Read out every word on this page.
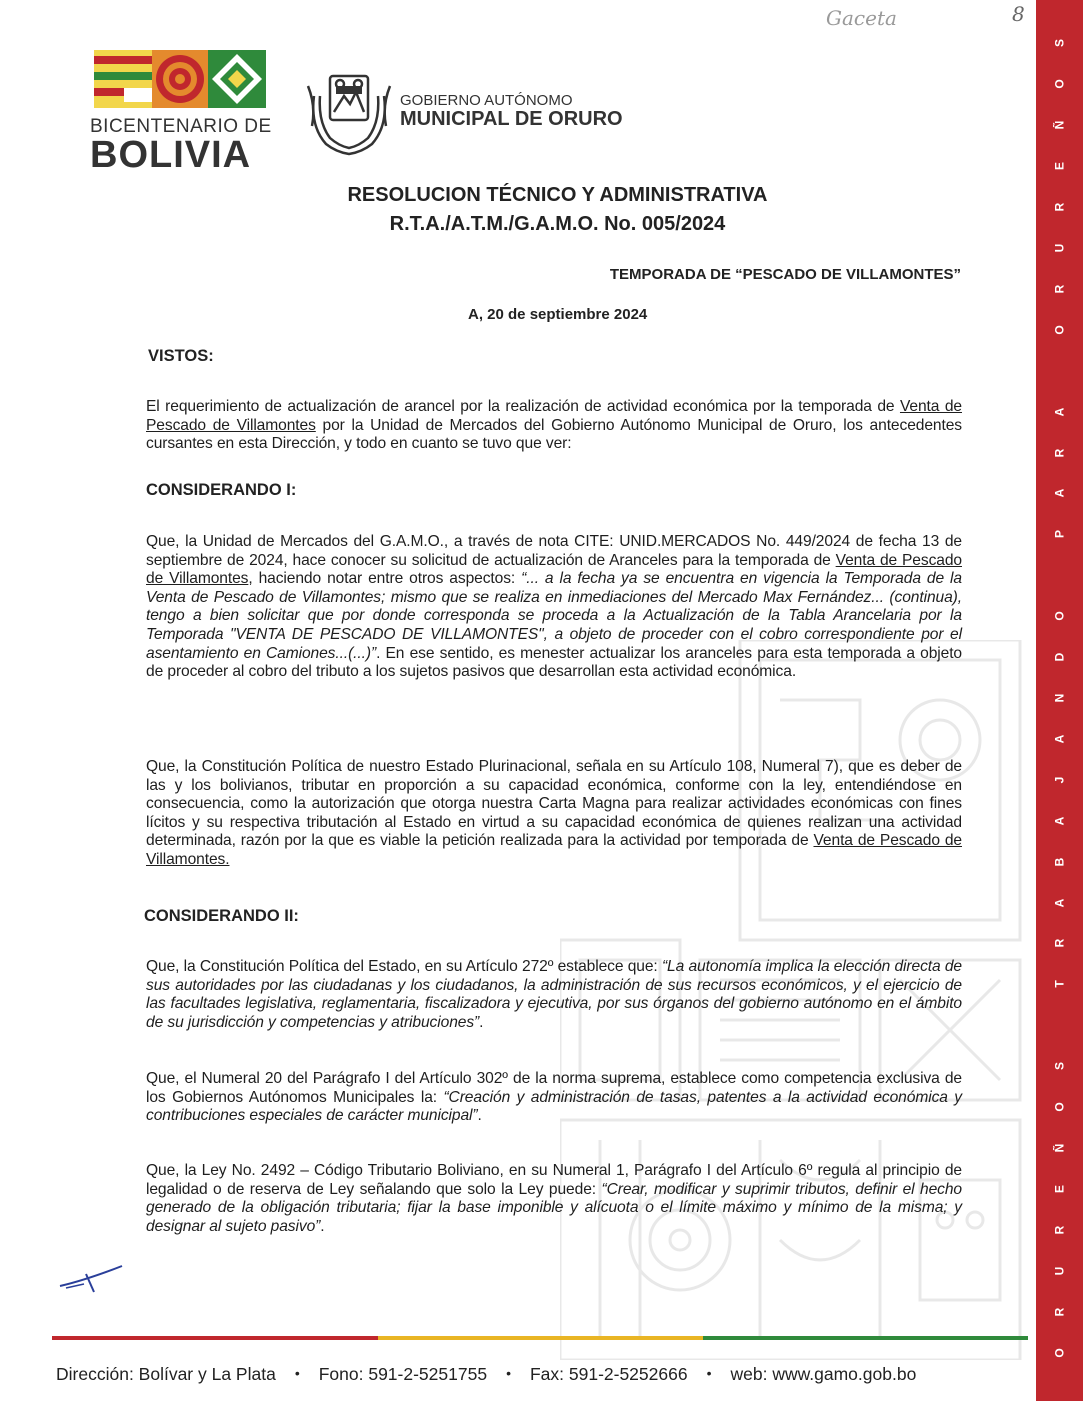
Gaceta	8
BICENTENARIO DE
BOLIVIA
GOBIERNO AUTÓNOMO
MUNICIPAL DE ORURO
RESOLUCION TÉCNICO Y ADMINISTRATIVA
R.T.A./A.T.M./G.A.M.O. No. 005/2024
TEMPORADA DE “PESCADO DE VILLAMONTES”
A, 20 de septiembre 2024
VISTOS:
El requerimiento de actualización de arancel por la realización de actividad económica por la temporada de Venta de Pescado de Villamontes por la Unidad de Mercados del Gobierno Autónomo Municipal de Oruro, los antecedentes cursantes en esta Dirección, y todo en cuanto se tuvo que ver:
CONSIDERANDO I:
Que, la Unidad de Mercados del G.A.M.O., a través de nota CITE: UNID.MERCADOS No. 449/2024 de fecha 13 de septiembre de 2024, hace conocer su solicitud de actualización de Aranceles para la temporada de Venta de Pescado de Villamontes, haciendo notar entre otros aspectos: “... a la fecha ya se encuentra en vigencia la Temporada de la Venta de Pescado de Villamontes; mismo que se realiza en inmediaciones del Mercado Max Fernández... (continua), tengo a bien solicitar que por donde corresponda se proceda a la Actualización de la Tabla Arancelaria por la Temporada "VENTA DE PESCADO DE VILLAMONTES", a objeto de proceder con el cobro correspondiente por el asentamiento en Camiones...(...)”. En ese sentido, es menester actualizar los aranceles para esta temporada a objeto de proceder al cobro del tributo a los sujetos pasivos que desarrollan esta actividad económica.
Que, la Constitución Política de nuestro Estado Plurinacional, señala en su Artículo 108, Numeral 7), que es deber de las y los bolivianos, tributar en proporción a su capacidad económica, conforme con la ley, entendiéndose en consecuencia, como la autorización que otorga nuestra Carta Magna para realizar actividades económicas con fines lícitos y su respectiva tributación al Estado en virtud a su capacidad económica de quienes realizan una actividad determinada, razón por la que es viable la petición realizada para la actividad por temporada de Venta de Pescado de Villamontes.
CONSIDERANDO II:
Que, la Constitución Política del Estado, en su Artículo 272º establece que: “La autonomía implica la elección directa de sus autoridades por las ciudadanas y los ciudadanos, la administración de sus recursos económicos, y el ejercicio de las facultades legislativa, reglamentaria, fiscalizadora y ejecutiva, por sus órganos del gobierno autónomo en el ámbito de su jurisdicción y competencias y atribuciones”.
Que, el Numeral 20 del Parágrafo I del Artículo 302º de la norma suprema, establece como competencia exclusiva de los Gobiernos Autónomos Municipales la: “Creación y administración de tasas, patentes a la actividad económica y contribuciones especiales de carácter municipal”.
Que, la Ley No. 2492 – Código Tributario Boliviano, en su Numeral 1, Parágrafo I del Artículo 6º regula al principio de legalidad o de reserva de Ley señalando que solo la Ley puede: “Crear, modificar y suprimir tributos, definir el hecho generado de la obligación tributaria; fijar la base imponible y alícuota o el límite máximo y mínimo de la misma; y designar al sujeto pasivo”.
Dirección: Bolívar y La Plata • Fono: 591-2-5251755 • Fax: 591-2-5252666 • web: www.gamo.gob.bo
O
R
U
R
E
Ñ
O
S
T
R
A
B
A
J
A
N
D
O
P
A
R
A
O
R
U
R
E
Ñ
O
S
